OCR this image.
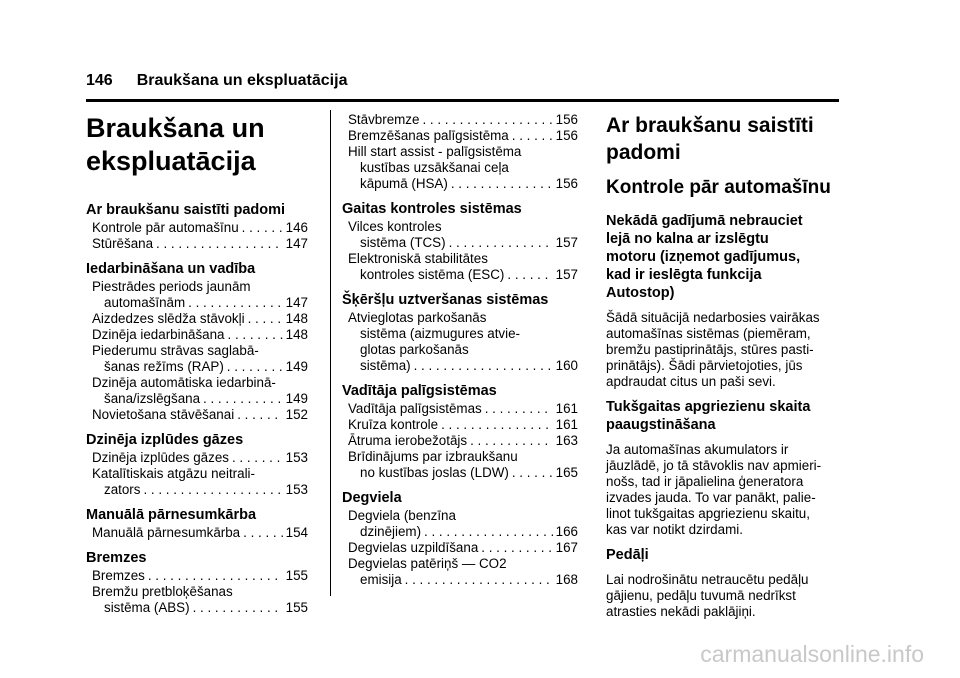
146 Braukšana un ekspluatācija
Braukšana un
ekspluatācija
Ar braukšanu saistīti padomi
Kontrole pār automašīnu . . .	146
Stūrēšana . . .	147
Iedarbināšana un vadība
Piestrādes periods jaunām
automašīnām . . .	147
Aizdedzes slēdža stāvokļi . . .	148
Dzinēja iedarbināšana . . .	148
Piederumu strāvas saglabā-
šanas režīms (RAP) . . .	149
Dzinēja automātiska iedarbinā-
šana/izslēgšana . . .	149
Novietošana stāvēšanai . . .	152
Dzinēja izplūdes gāzes
Dzinēja izplūdes gāzes . . .	153
Katalītiskais atgāzu neitrali-
zators . . .	153
Manuālā pārnesumkārba
Manuālā pārnesumkārba . . .	154
Bremzes
Bremzes . . .	155
Bremžu pretbloķēšanas
sistēma (ABS) . . .	155
Stāvbremze . . .	156
Bremzēšanas palīgsistēma . . .	156
Hill start assist - palīgsistēma
kustības uzsākšanai ceļa
kāpumā (HSA) . . .	156
Gaitas kontroles sistēmas
Vilces kontroles
sistēma (TCS) . . .	157
Elektroniskā stabilitātes
kontroles sistēma (ESC) . . .	157
Šķēršļu uztveršanas sistēmas
Atvieglotas parkošanās
sistēma (aizmugures atvie-
glotas parkošanās
sistēma) . . .	160
Vadītāja palīgsistēmas
Vadītāja palīgsistēmas . . .	161
Kruīza kontrole . . .	161
Ātruma ierobežotājs . . .	163
Brīdinājums par izbraukšanu
no kustības joslas (LDW) . . .	165
Degviela
Degviela (benzīna
dzinējiem) . . .	166
Degvielas uzpildīšana . . .	167
Degvielas patēriņš — CO2
emisija . . .	168
Ar braukšanu saistīti
padomi
Kontrole pār automašīnu
Nekādā gadījumā nebrauciet
lejā no kalna ar izslēgtu
motoru (izņemot gadījumus,
kad ir ieslēgta funkcija
Autostop)
Šādā situācijā nedarbosies vairākas
automašīnas sistēmas (piemēram,
bremžu pastiprinātājs, stūres pasti-
prinātājs). Šādi pārvietojoties, jūs
apdraudat citus un paši sevi.
Tukšgaitas apgriezienu skaita
paaugstināšana
Ja automašīnas akumulators ir
jāuzlādē, jo tā stāvoklis nav apmieri-
nošs, tad ir jāpalielina ģeneratora
izvades jauda. To var panākt, palie-
linot tukšgaitas apgriezienu skaitu,
kas var notikt dzirdami.
Pedāļi
Lai nodrošinātu netraucētu pedāļu
gājienu, pedāļu tuvumā nedrīkst
atrasties nekādi paklājiņi.
carmanualsonline.info
